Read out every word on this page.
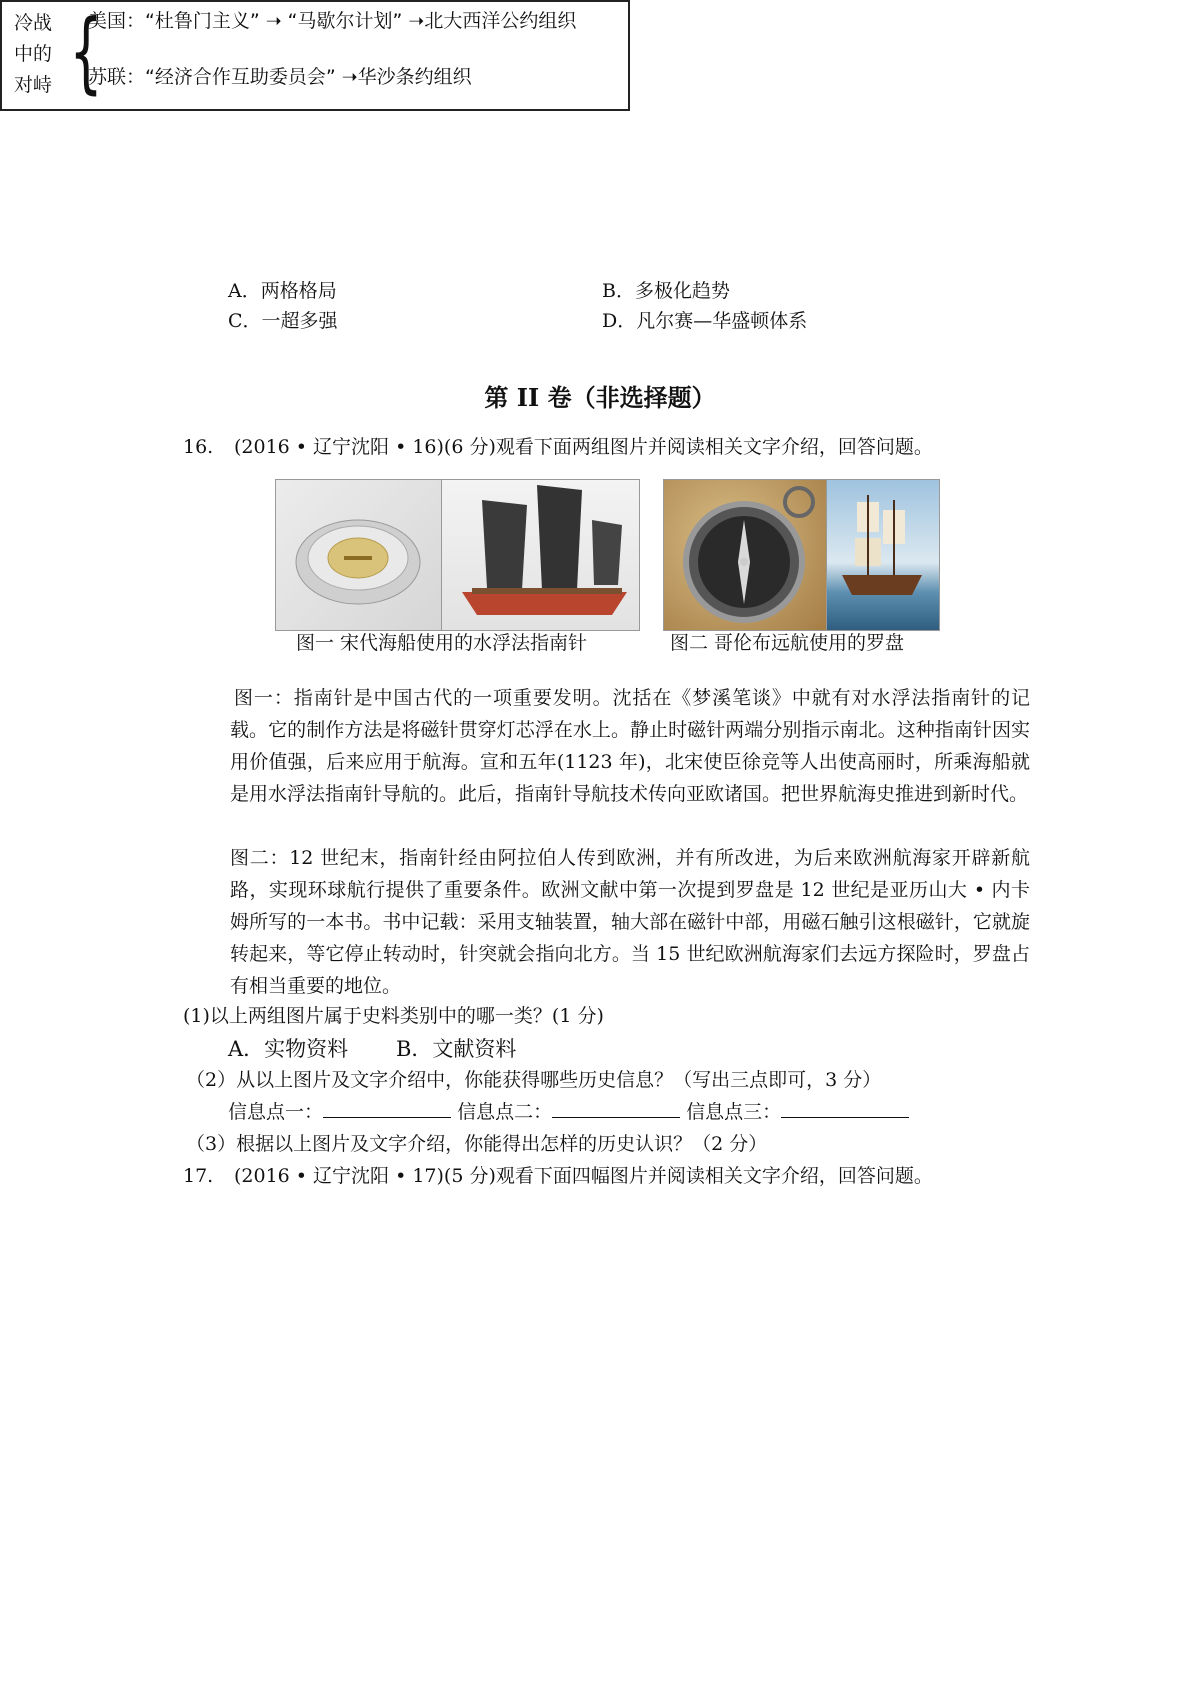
冷战
中的
对峙 {
美国：“杜鲁门主义” ➝ “马歇尔计划” ➝北大西洋公约组织
苏联：“经济合作互助委员会” ➝华沙条约组织
A．两格格局	B．多极化趋势
C．一超多强	D．凡尔赛—华盛顿体系
第 II 卷（非选择题）
16. (2016 • 辽宁沈阳 • 16)(6 分)观看下面两组图片并阅读相关文字介绍，回答问题。
图一 宋代海船使用的水浮法指南针	图二 哥伦布远航使用的罗盘
图一：指南针是中国古代的一项重要发明。沈括在《梦溪笔谈》中就有对水浮法指南针的记载。它的制作方法是将磁针贯穿灯芯浮在水上。静止时磁针两端分别指示南北。这种指南针因实用价值强，后来应用于航海。宣和五年(1123 年)，北宋使臣徐竞等人出使高丽时，所乘海船就是用水浮法指南针导航的。此后，指南针导航技术传向亚欧诸国。把世界航海史推进到新时代。
图二：12 世纪末，指南针经由阿拉伯人传到欧洲，并有所改进，为后来欧洲航海家开辟新航路，实现环球航行提供了重要条件。欧洲文献中第一次提到罗盘是 12 世纪是亚历山大 • 内卡姆所写的一本书。书中记载：采用支轴装置，轴大部在磁针中部，用磁石触引这根磁针，它就旋转起来，等它停止转动时，针突就会指向北方。当 15 世纪欧洲航海家们去远方探险时，罗盘占有相当重要的地位。
(1)以上两组图片属于史料类别中的哪一类？(1 分)
A．实物资料 B．文献资料
（2）从以上图片及文字介绍中，你能获得哪些历史信息？（写出三点即可，3 分）
信息点一：	信息点二：	信息点三：
（3）根据以上图片及文字介绍，你能得出怎样的历史认识？（2 分）
17. (2016 • 辽宁沈阳 • 17)(5 分)观看下面四幅图片并阅读相关文字介绍，回答问题。
